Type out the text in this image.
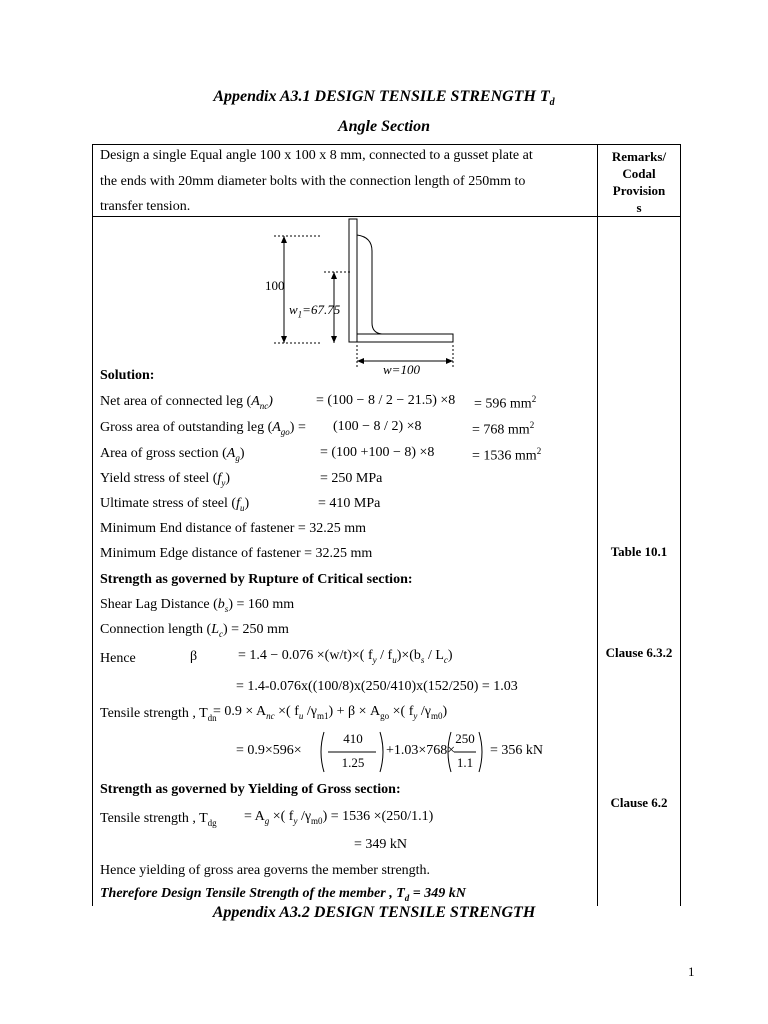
Appendix A3.1 DESIGN TENSILE STRENGTH $T_d$
Angle Section
Design a single Equal angle 100 x 100 x 8 mm, connected to a gusset plate at
the ends with 20mm diameter bolts with the connection length of 250mm to
transfer tension.
Remarks/
Codal
Provision
s
100
$w_1=67.75$
w=100
Solution:
Net area of connected leg $(A_{nc})$	= (100 − 8 / 2 − 21.5) ×8 = 596 $mm^2$
Gross area of outstanding leg $(A_{go}) = (100 - 8 / 2) \times 8$	= 768 $mm^2$
Area of gross section $(A_g)$	= (100 +100 − 8) ×8	= 1536 $mm^2$
Yield stress of steel $(f_y)$	= 250 MPa
Ultimate stress of steel $(f_u)$	= 410 MPa
Minimum End distance of fastener = 32.25 mm
Minimum Edge distance of fastener = 32.25 mm	Table 10.1
Strength as governed by Rupture of Critical section:
Shear Lag Distance $(b_s) = 160$ mm
Connection length $(L_c) = 250$ mm
Hence	β	= 1.4 − 0.076 ×(w/t)×( $f_y / f_u)\times(b_s / L_c)$	Clause 6.3.2
= 1.4-0.076x((100/8)x(250/410)x(152/250) = 1.03
Tensile strength , $T_{dn}$
= $0.9 \times A_{nc}$ ×( $f_u$ $/\gamma_{m1}) + \beta \times A_{go}$ ×( $f_y$ $/\gamma_{m0}$)
= 0.9×596×
410
1.25
+1.03×768×
250
1.1
= 356 kN
Strength as governed by Yielding of Gross section:
Clause 6.2
Tensile strength , $T_{dg} = A_g$ ×( $f_y$ $/\gamma_{m0}) = 1536 \times(250/1.1)$
= 349 kN
Hence yielding of gross area governs the member strength.
Therefore Design Tensile Strength of the member , $T_d = 349$ kN
Appendix A3.2 DESIGN TENSILE STRENGTH
1
